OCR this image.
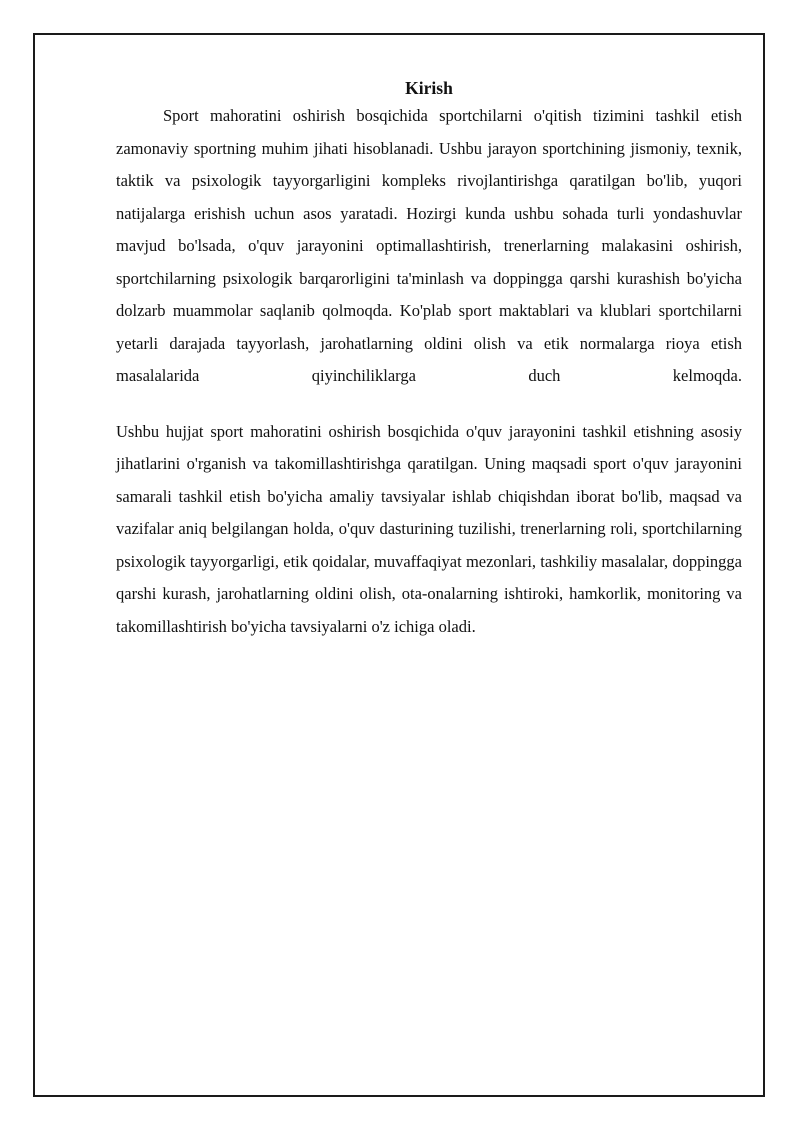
Kirish

Sport mahoratini oshirish bosqichida sportchilarni o'qitish tizimini tashkil etish zamonaviy sportning muhim jihati hisoblanadi. Ushbu jarayon sportchining jismoniy, texnik, taktik va psixologik tayyorgarligini kompleks rivojlantirishga qaratilgan bo'lib, yuqori natijalarga erishish uchun asos yaratadi. Hozirgi kunda ushbu sohada turli yondashuvlar mavjud bo'lsada, o'quv jarayonini optimallashtirish, trenerlarning malakasini oshirish, sportchilarning psixologik barqarorligini ta'minlash va doppingga qarshi kurashish bo'yicha dolzarb muammolar saqlanib qolmoqda. Ko'plab sport maktablari va klublari sportchilarni yetarli darajada tayyorlash, jarohatlarning oldini olish va etik normalarga rioya etish masalalarida qiyinchiliklarga duch kelmoqda.

Ushbu hujjat sport mahoratini oshirish bosqichida o'quv jarayonini tashkil etishning asosiy jihatlarini o'rganish va takomillashtirishga qaratilgan. Uning maqsadi sport o'quv jarayonini samarali tashkil etish bo'yicha amaliy tavsiyalar ishlab chiqishdan iborat bo'lib, maqsad va vazifalar aniq belgilangan holda, o'quv dasturining tuzilishi, trenerlarning roli, sportchilarning psixologik tayyorgarligi, etik qoidalar, muvaffaqiyat mezonlari, tashkiliy masalalar, doppingga qarshi kurash, jarohatlarning oldini olish, ota-onalarning ishtiroki, hamkorlik, monitoring va takomillashtirish bo'yicha tavsiyalarni o'z ichiga oladi.
